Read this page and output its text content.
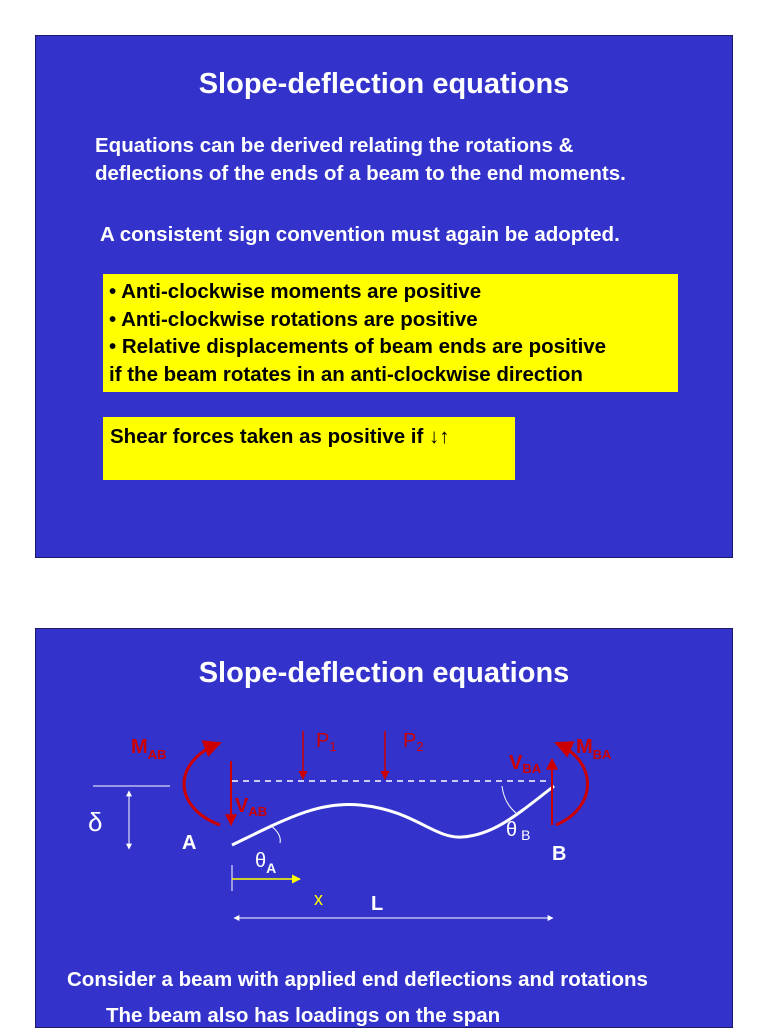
Slope-deflection equations

Equations can be derived relating the rotations &
deflections of the ends of a beam to the end moments.

A consistent sign convention must again be adopted.

• Anti-clockwise moments are positive
• Anti-clockwise rotations are positive
• Relative displacements of beam ends are positive
if the beam rotates in an anti-clockwise direction
Shear forces taken as positive if ↓↑
Slope-deflection equations
δ
$\theta_A$
θ $_B$
A	B
$M_{AB}$	$M_{BA}$
$V_{AB}$
$V_{BA}$
$P_1$	$P_2$
x L

Consider a beam with applied end deflections and rotations

The beam also has loadings on the span
